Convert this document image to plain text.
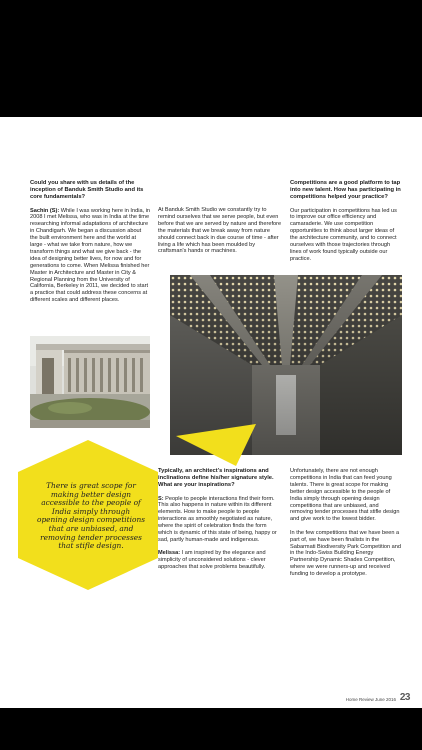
Could you share with us details of the inception of Banduk Smith Studio and its core fundamentals?

Sachin (S): While I was working here in India, in 2008 I met Melissa, who was in India at the time researching informal adaptations of architecture in Chandigarh. We began a discussion about the built environment here and the world at large - what we take from nature, how we transform things and what we give back - the idea of designing better lives, for now and for generations to come. When Melissa finished her Master in Architecture and Master in City & Regional Planning from the University of California, Berkeley in 2011, we decided to start a practice that could address these concerns at different scales and different places.

At Banduk Smith Studio we constantly try to remind ourselves that we serve people, but even before that we are served by nature and therefore the materials that we break away from nature should connect back in due course of time - after living a life which has been moulded by craftsman's hands or machines.

Competitions are a good platform to tap into new talent. How has participating in competitions helped your practice?

Our participation in competitions has led us to improve our office efficiency and camaraderie. We use competition opportunities to think about larger ideas of the architecture community, and to connect ourselves with those trajectories through lines of work found typically outside our practice.

There is great scope for making better design accessible to the people of India simply through opening design competitions that are unbiased, and removing tender processes that stifle design.

Typically, an architect's inspirations and inclinations define his/her signature style. What are your inspirations?

S: People to people interactions find their form. This also happens in nature within its different elements. How to make people to people interactions as smoothly negotiated as nature, where the spirit of celebration finds the form which is dynamic of this state of being, happy or sad, partly human-made and indigenous.

Melissa: I am inspired by the elegance and simplicity of unconsidered solutions - clever approaches that solve problems beautifully.

Unfortunately, there are not enough competitions in India that can feed young talents. There is great scope for making better design accessible to the people of India simply through opening design competitions that are unbiased, and removing tender processes that stifle design and give work to the lowest bidder.

In the few competitions that we have been a part of, we have been finalists in the Sabarmati Biodiversity Park Competition and in the Indo-Swiss Building Energy Partnership Dynamic Shades Competition, where we were runners-up and received funding to develop a prototype.

Home Review June 2016 23
